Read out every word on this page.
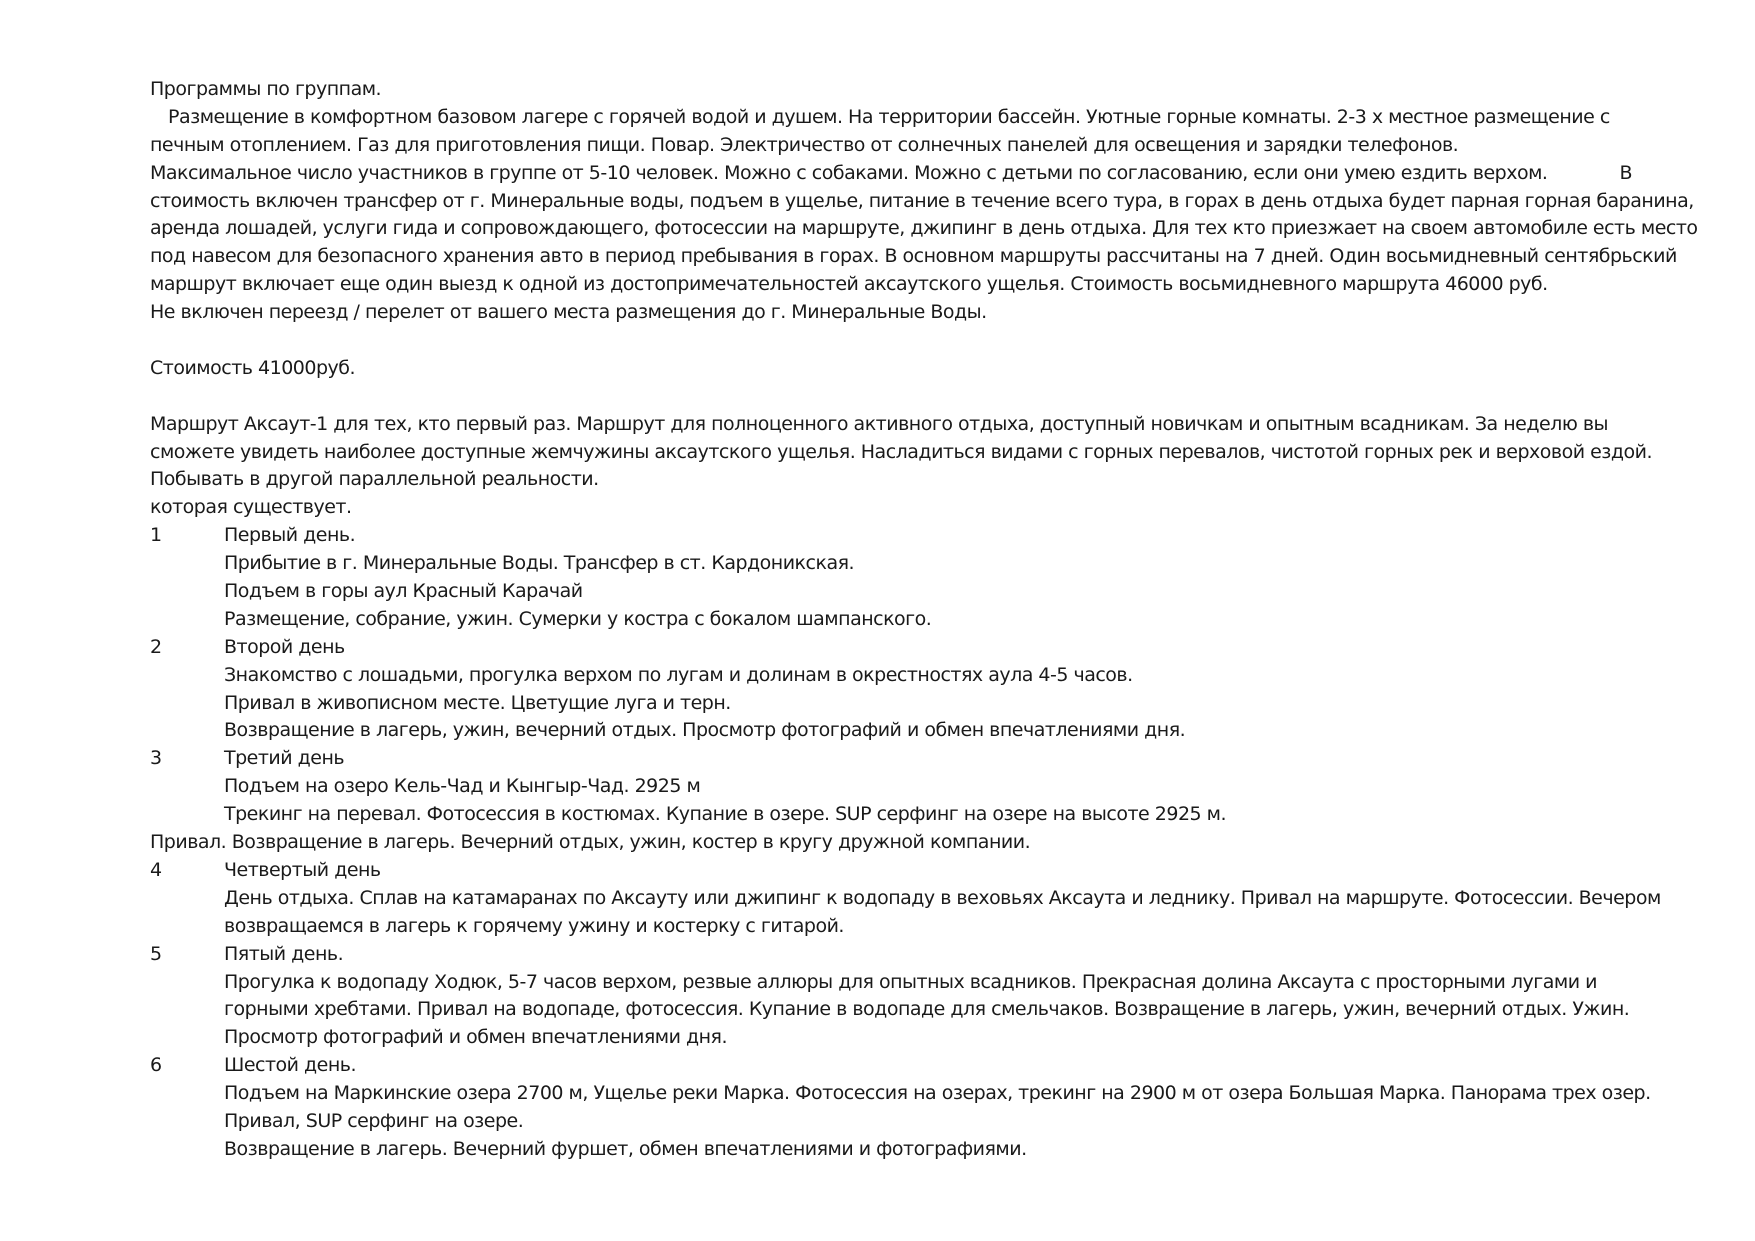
Программы по группам.
Размещение в комфортном базовом лагере с горячей водой и душем. На территории бассейн. Уютные горные комнаты. 2-3 х местное размещение с
печным отоплением. Газ для приготовления пищи. Повар. Электричество от солнечных панелей для освещения и зарядки телефонов.
Максимальное число участников в группе от 5-10 человек. Можно с собаками. Можно с детьми по согласованию, если они умею ездить верхом.	В
стоимость включен трансфер от г. Минеральные воды, подъем в ущелье, питание в течение всего тура, в горах в день отдыха будет парная горная баранина,
аренда лошадей, услуги гида и сопровождающего, фотосессии на маршруте, джипинг в день отдыха. Для тех кто приезжает на своем автомобиле есть место
под навесом для безопасного хранения авто в период пребывания в горах. В основном маршруты рассчитаны на 7 дней. Один восьмидневный сентябрьский
маршрут включает еще один выезд к одной из достопримечательностей аксаутского ущелья. Стоимость восьмидневного маршрута 46000 руб.
Не включен переезд / перелет от вашего места размещения до г. Минеральные Воды.
Стоимость 41000руб.
Маршрут Аксаут-1 для тех, кто первый раз. Маршрут для полноценного активного отдыха, доступный новичкам и опытным всадникам. За неделю вы
сможете увидеть наиболее доступные жемчужины аксаутского ущелья. Насладиться видами с горных перевалов, чистотой горных рек и верховой ездой.
Побывать в другой параллельной реальности.
которая существует.
1	Первый день.
Прибытие в г. Минеральные Воды. Трансфер в ст. Кардоникская.
Подъем в горы аул Красный Карачай
Размещение, собрание, ужин. Сумерки у костра с бокалом шампанского.
2	Второй день
Знакомство с лошадьми, прогулка верхом по лугам и долинам в окрестностях аула 4-5 часов.
Привал в живописном месте. Цветущие луга и терн.
Возвращение в лагерь, ужин, вечерний отдых. Просмотр фотографий и обмен впечатлениями дня.
3	Третий день
Подъем на озеро Кель-Чад и Кынгыр-Чад. 2925 м
Трекинг на перевал. Фотосессия в костюмах. Купание в озере. SUP серфинг на озере на высоте 2925 м.
Привал. Возвращение в лагерь. Вечерний отдых, ужин, костер в кругу дружной компании.
4	Четвертый день
День отдыха. Сплав на катамаранах по Аксауту или джипинг к водопаду в веховьях Аксаута и леднику. Привал на маршруте. Фотосессии. Вечером
возвращаемся в лагерь к горячему ужину и костерку с гитарой.
5	Пятый день.
Прогулка к водопаду Ходюк, 5-7 часов верхом, резвые аллюры для опытных всадников. Прекрасная долина Аксаута с просторными лугами и
горными хребтами. Привал на водопаде, фотосессия. Купание в водопаде для смельчаков. Возвращение в лагерь, ужин, вечерний отдых. Ужин.
Просмотр фотографий и обмен впечатлениями дня.
6	Шестой день.
Подъем на Маркинские озера 2700 м, Ущелье реки Марка. Фотосессия на озерах, трекинг на 2900 м от озера Большая Марка. Панорама трех озер.
Привал, SUP серфинг на озере.
Возвращение в лагерь. Вечерний фуршет, обмен впечатлениями и фотографиями.
